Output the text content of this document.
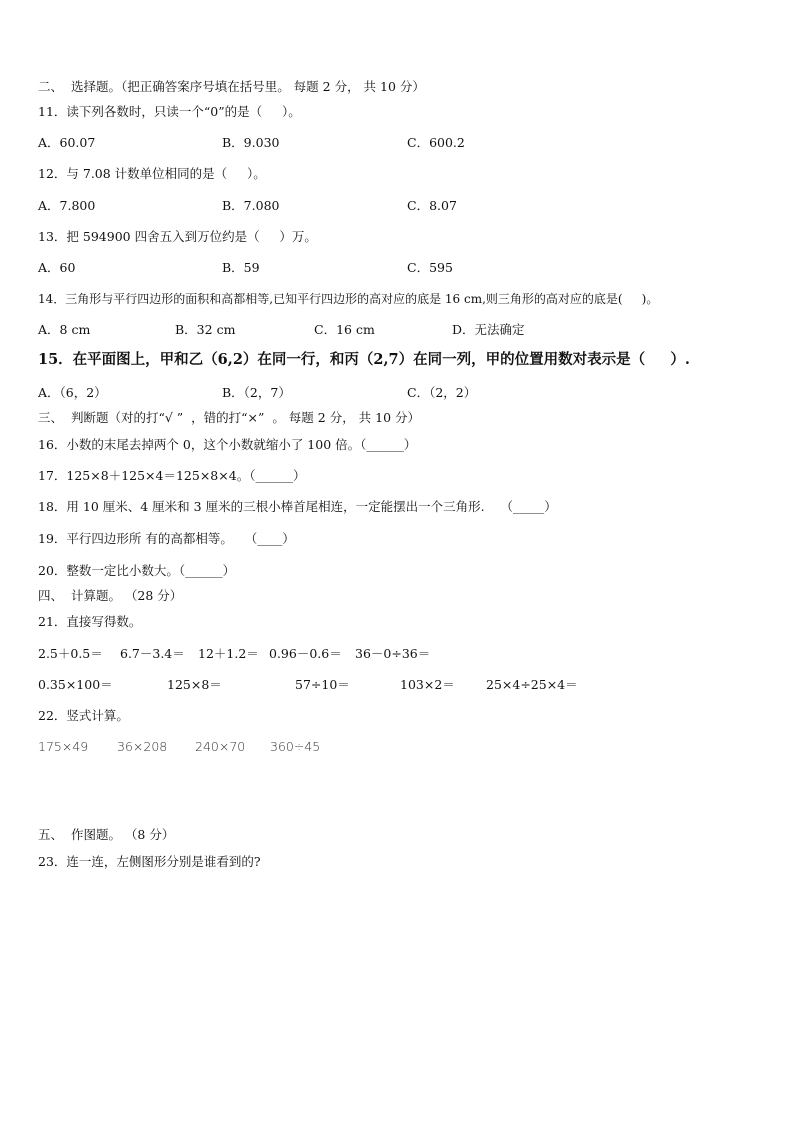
二、  选择题。（把正确答案序号填在括号里。 每题 2 分， 共 10 分）
11．读下列各数时，只读一个“0”的是（     ）。
A．60.07	B．9.030	C．600.2
12．与 7.08 计数单位相同的是（     ）。
A．7.800	B．7.080	C．8.07
13．把 594900 四舍五入到万位约是（     ）万。
A．60	B．59	C．595
14．三角形与平行四边形的面积和高都相等,已知平行四边形的高对应的底是 16 cm,则三角形的高对应的底是(     )。
A．8 cm	B．32 cm	C．16 cm	D．无法确定
15．在平面图上，甲和乙（6,2）在同一行，和丙（2,7）在同一列，甲的位置用数对表示是（     ）.
A．（6，2）	B．（2，7）	C．（2，2）
三、  判断题（对的打“√ ”  ，错的打“×”  。 每题 2 分， 共 10 分）
16．小数的末尾去掉两个 0，这个小数就缩小了 100 倍。（______）
17．125×8＋125×4＝125×8×4。（______）
18．用 10 厘米、4 厘米和 3 厘米的三根小棒首尾相连，一定能摆出一个三角形.    （_____）
19．平行四边形所 有的高都相等。   （____）
20．整数一定比小数大。（______）
四、  计算题。 （28 分）
21．直接写得数。
2.5＋0.5＝ 6.7－3.4＝ 12＋1.2＝ 0.96－0.6＝ 36－0÷36＝
0.35×100＝	125×8＝	57÷10＝	103×2＝ 25×4÷25×4＝
22．竖式计算。
175×49 36×208 240×70 360÷45
五、  作图题。 （8 分）
23．连一连，左侧图形分别是谁看到的?
